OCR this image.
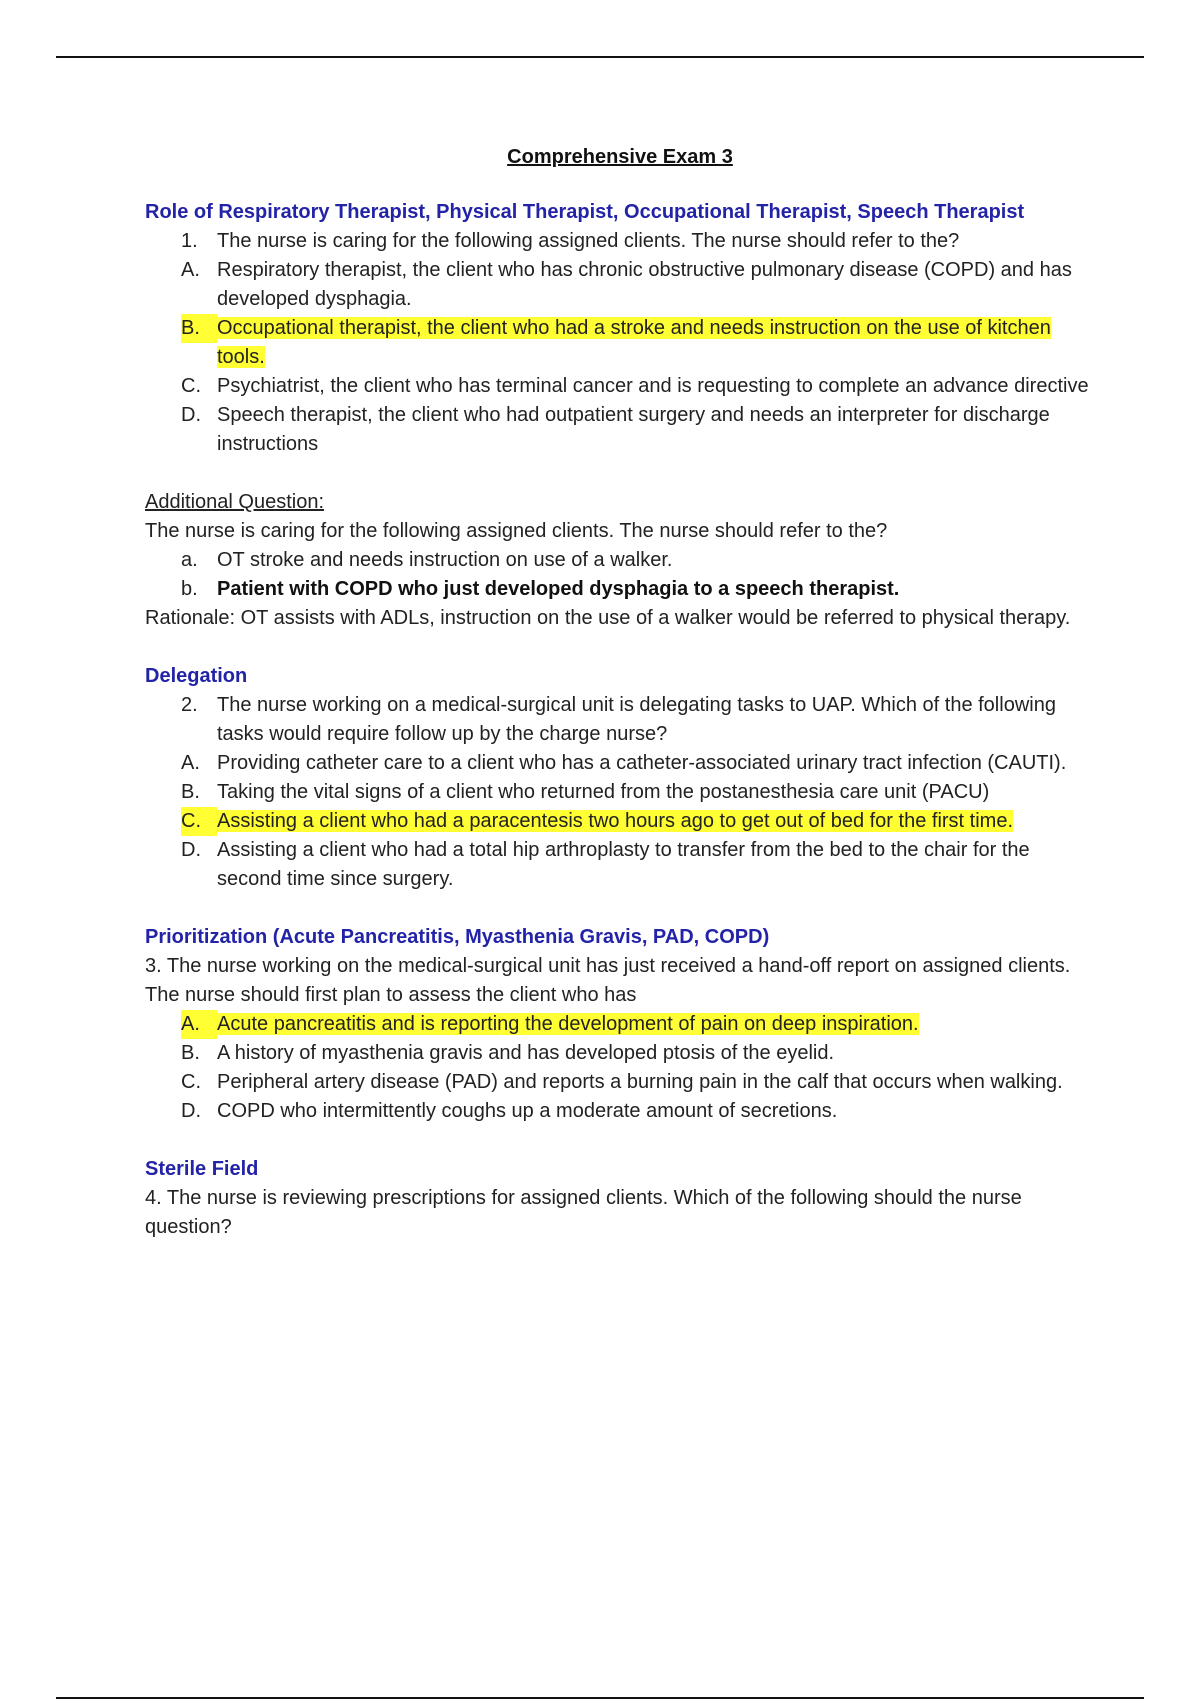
Comprehensive Exam 3
Role of Respiratory Therapist, Physical Therapist, Occupational Therapist, Speech Therapist
1. The nurse is caring for the following assigned clients. The nurse should refer to the?
A. Respiratory therapist, the client who has chronic obstructive pulmonary disease (COPD) and has developed dysphagia.
B. Occupational therapist, the client who had a stroke and needs instruction on the use of kitchen tools.
C. Psychiatrist, the client who has terminal cancer and is requesting to complete an advance directive
D. Speech therapist, the client who had outpatient surgery and needs an interpreter for discharge instructions
Additional Question:
The nurse is caring for the following assigned clients. The nurse should refer to the?
a. OT stroke and needs instruction on use of a walker.
b. Patient with COPD who just developed dysphagia to a speech therapist.
Rationale: OT assists with ADLs, instruction on the use of a walker would be referred to physical therapy.
Delegation
2. The nurse working on a medical-surgical unit is delegating tasks to UAP. Which of the following tasks would require follow up by the charge nurse?
A. Providing catheter care to a client who has a catheter-associated urinary tract infection (CAUTI).
B. Taking the vital signs of a client who returned from the postanesthesia care unit (PACU)
C. Assisting a client who had a paracentesis two hours ago to get out of bed for the first time.
D. Assisting a client who had a total hip arthroplasty to transfer from the bed to the chair for the second time since surgery.
Prioritization (Acute Pancreatitis, Myasthenia Gravis, PAD, COPD)
3. The nurse working on the medical-surgical unit has just received a hand-off report on assigned clients. The nurse should first plan to assess the client who has
A. Acute pancreatitis and is reporting the development of pain on deep inspiration.
B. A history of myasthenia gravis and has developed ptosis of the eyelid.
C. Peripheral artery disease (PAD) and reports a burning pain in the calf that occurs when walking.
D. COPD who intermittently coughs up a moderate amount of secretions.
Sterile Field
4. The nurse is reviewing prescriptions for assigned clients. Which of the following should the nurse question?
